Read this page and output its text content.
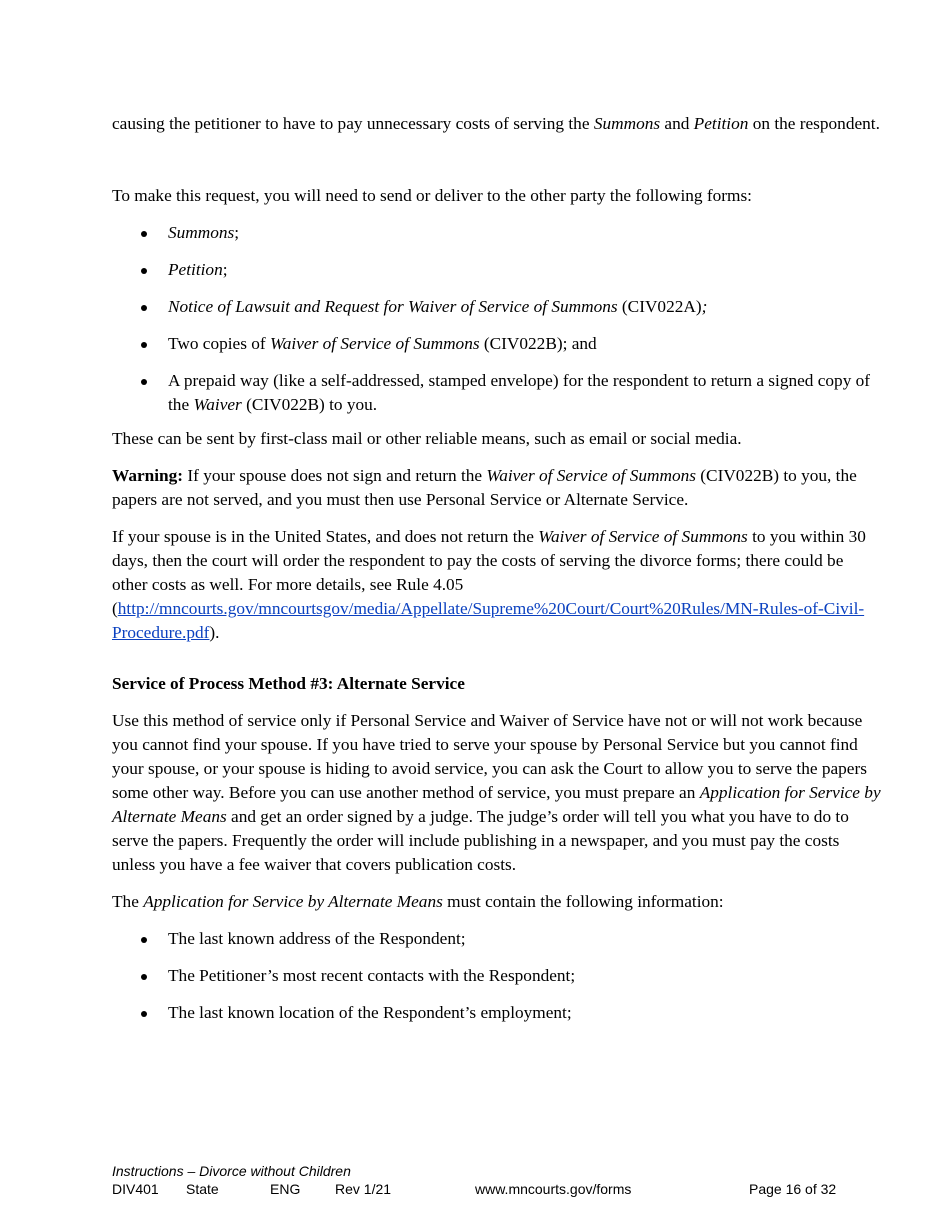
causing the petitioner to have to pay unnecessary costs of serving the Summons and Petition on the respondent.

To make this request, you will need to send or deliver to the other party the following forms:

Summons;
Petition;
Notice of Lawsuit and Request for Waiver of Service of Summons (CIV022A);
Two copies of Waiver of Service of Summons (CIV022B); and
A prepaid way (like a self-addressed, stamped envelope) for the respondent to return a signed copy of the Waiver (CIV022B) to you.

These can be sent by first-class mail or other reliable means, such as email or social media.

Warning: If your spouse does not sign and return the Waiver of Service of Summons (CIV022B) to you, the papers are not served, and you must then use Personal Service or Alternate Service.

If your spouse is in the United States, and does not return the Waiver of Service of Summons to you within 30 days, then the court will order the respondent to pay the costs of serving the divorce forms; there could be other costs as well. For more details, see Rule 4.05 (http://mncourts.gov/mncourtsgov/media/Appellate/Supreme%20Court/Court%20Rules/MN-Rules-of-Civil-Procedure.pdf).

Service of Process Method #3: Alternate Service

Use this method of service only if Personal Service and Waiver of Service have not or will not work because you cannot find your spouse. If you have tried to serve your spouse by Personal Service but you cannot find your spouse, or your spouse is hiding to avoid service, you can ask the Court to allow you to serve the papers some other way. Before you can use another method of service, you must prepare an Application for Service by Alternate Means and get an order signed by a judge. The judge’s order will tell you what you have to do to serve the papers. Frequently the order will include publishing in a newspaper, and you must pay the costs unless you have a fee waiver that covers publication costs.

The Application for Service by Alternate Means must contain the following information:

The last known address of the Respondent;
The Petitioner’s most recent contacts with the Respondent;
The last known location of the Respondent’s employment;
Instructions – Divorce without Children
DIV401 State	ENG Rev 1/21	www.mncourts.gov/forms	Page 16 of 32
